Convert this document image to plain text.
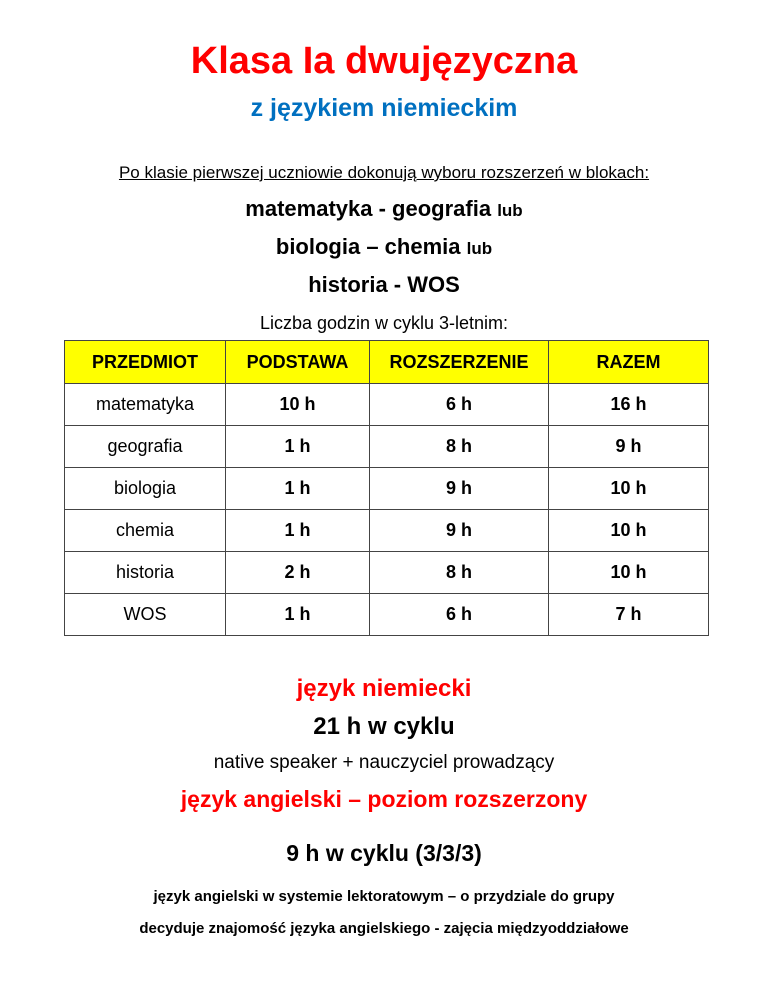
Klasa Ia dwujęzyczna
z językiem niemieckim
Po klasie pierwszej uczniowie dokonują wyboru rozszerzeń w blokach:
matematyka - geografia lub
biologia – chemia lub
historia - WOS
Liczba godzin w cyklu 3-letnim:
PRZEDMIOT	PODSTAWA	ROZSZERZENIE	RAZEM
matematyka	10 h	6 h	16 h
geografia	1 h	8 h	9 h
biologia	1 h	9 h	10 h
chemia	1 h	9 h	10 h
historia	2 h	8 h	10 h
WOS	1 h	6 h	7 h
język niemiecki
21 h w cyklu
native speaker + nauczyciel prowadzący
język angielski – poziom rozszerzony
9 h w cyklu (3/3/3)
język angielski w systemie lektoratowym – o przydziale do grupy
decyduje znajomość języka angielskiego - zajęcia międzyoddziałowe
